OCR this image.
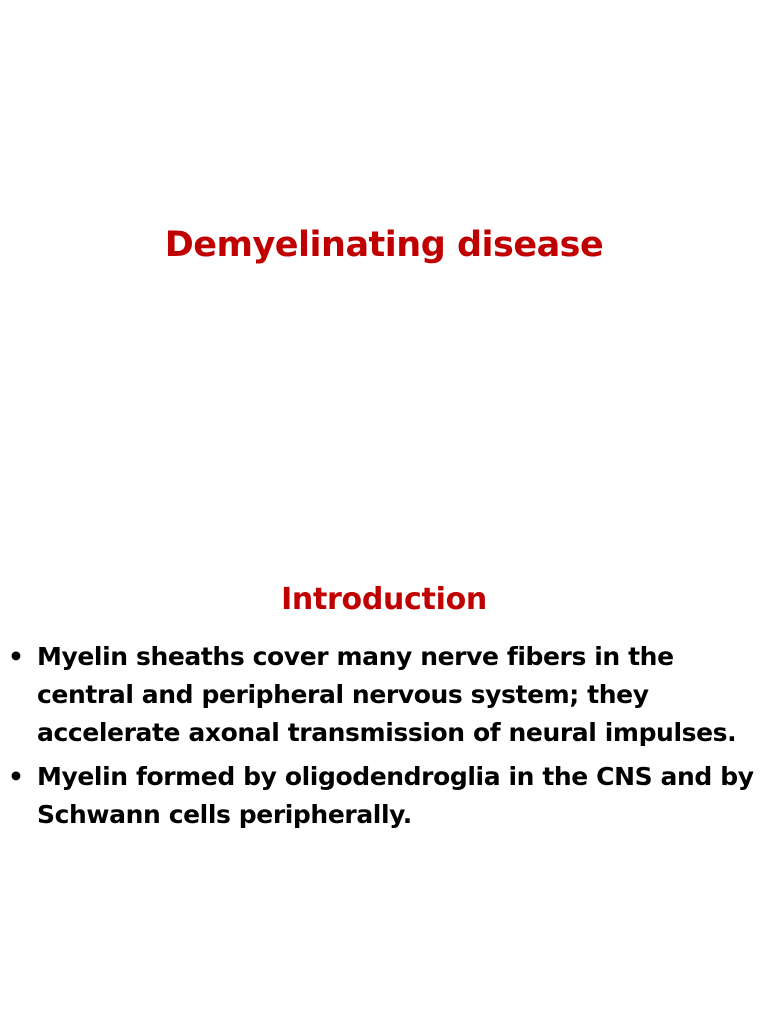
Demyelinating disease
Introduction
• Myelin sheaths cover many nerve fibers in the central and peripheral nervous system; they accelerate axonal transmission of neural impulses.
• Myelin formed by oligodendroglia in the CNS and by Schwann cells peripherally.
